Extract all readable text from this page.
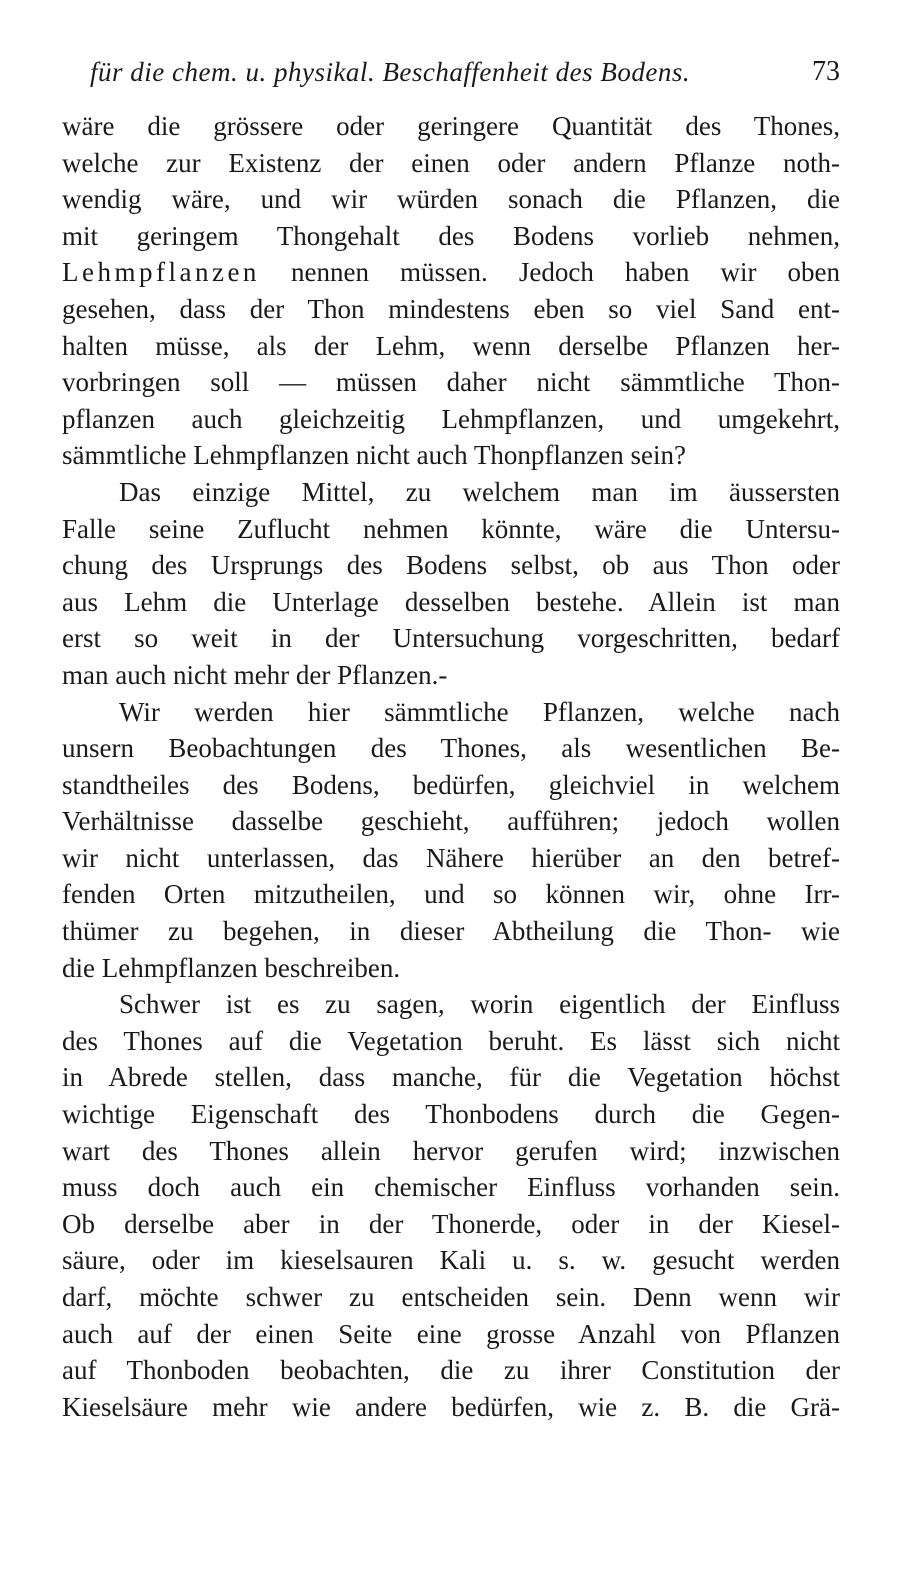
für die chem. u. physikal. Beschaffenheit des Bodens.	73
wäre die grössere oder geringere Quantität des Thones,
welche zur Existenz der einen oder andern Pflanze noth-
wendig wäre, und wir würden sonach die Pflanzen, die
mit geringem Thongehalt des Bodens vorlieb nehmen,
Lehmpflanzen nennen müssen. Jedoch haben wir oben
gesehen, dass der Thon mindestens eben so viel Sand ent-
halten müsse, als der Lehm, wenn derselbe Pflanzen her-
vorbringen soll — müssen daher nicht sämmtliche Thon-
pflanzen auch gleichzeitig Lehmpflanzen, und umgekehrt,
sämmtliche Lehmpflanzen nicht auch Thonpflanzen sein?
Das einzige Mittel, zu welchem man im äussersten
Falle seine Zuflucht nehmen könnte, wäre die Untersu-
chung des Ursprungs des Bodens selbst, ob aus Thon oder
aus Lehm die Unterlage desselben bestehe. Allein ist man
erst so weit in der Untersuchung vorgeschritten, bedarf
man auch nicht mehr der Pflanzen.-
Wir werden hier sämmtliche Pflanzen, welche nach
unsern Beobachtungen des Thones, als wesentlichen Be-
standtheiles des Bodens, bedürfen, gleichviel in welchem
Verhältnisse dasselbe geschieht, aufführen; jedoch wollen
wir nicht unterlassen, das Nähere hierüber an den betref-
fenden Orten mitzutheilen, und so können wir, ohne Irr-
thümer zu begehen, in dieser Abtheilung die Thon- wie
die Lehmpflanzen beschreiben.
Schwer ist es zu sagen, worin eigentlich der Einfluss
des Thones auf die Vegetation beruht. Es lässt sich nicht
in Abrede stellen, dass manche, für die Vegetation höchst
wichtige Eigenschaft des Thonbodens durch die Gegen-
wart des Thones allein hervor gerufen wird; inzwischen
muss doch auch ein chemischer Einfluss vorhanden sein.
Ob derselbe aber in der Thonerde, oder in der Kiesel-
säure, oder im kieselsauren Kali u. s. w. gesucht werden
darf, möchte schwer zu entscheiden sein. Denn wenn wir
auch auf der einen Seite eine grosse Anzahl von Pflanzen
auf Thonboden beobachten, die zu ihrer Constitution der
Kieselsäure mehr wie andere bedürfen, wie z. B. die Grä-
